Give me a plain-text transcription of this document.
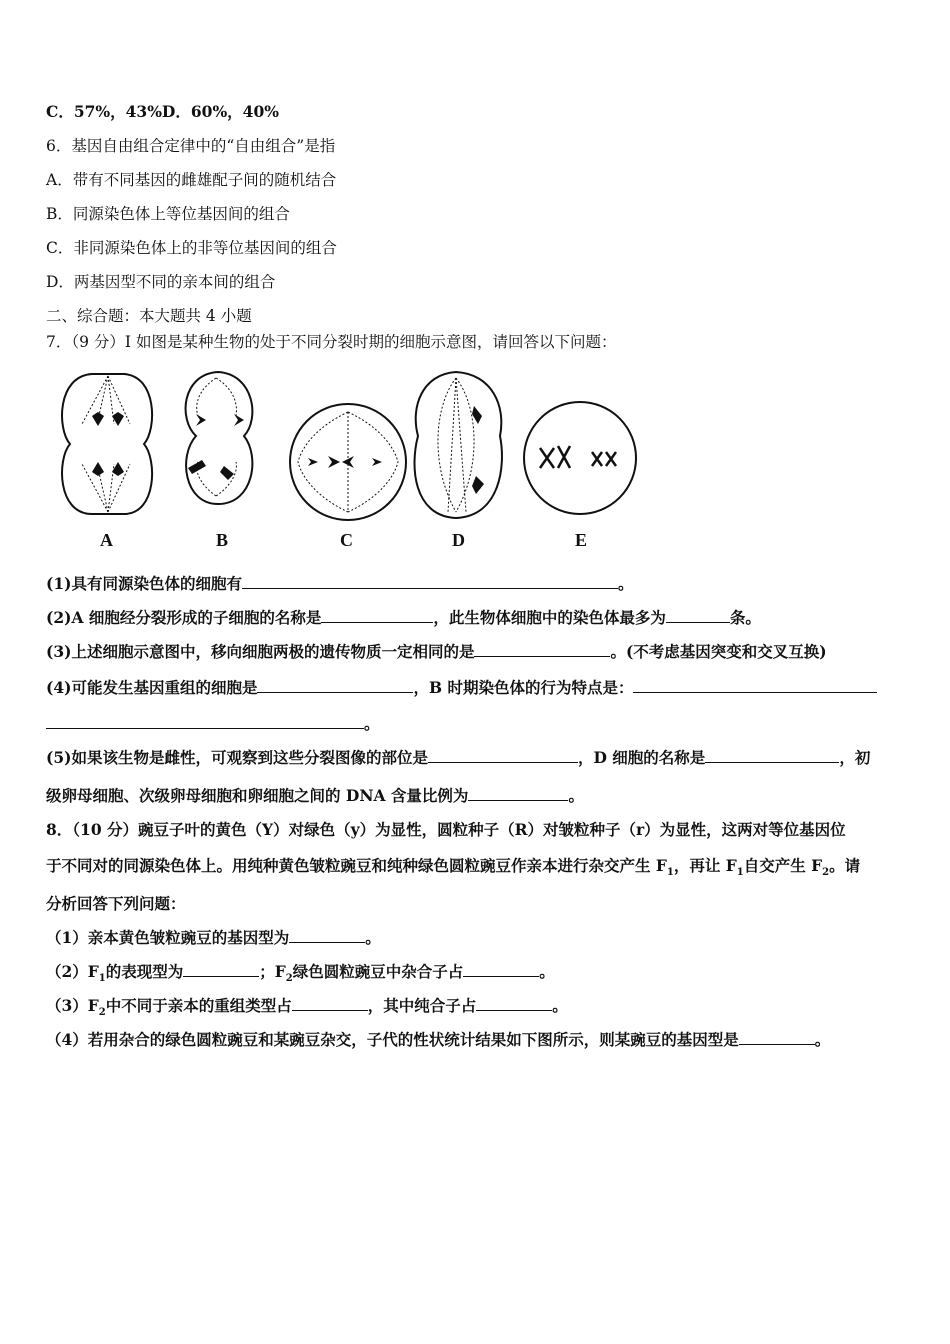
C．57%，43%D．60%，40%
6．基因自由组合定律中的“自由组合”是指
A．带有不同基因的雌雄配子间的随机结合
B．同源染色体上等位基因间的组合
C．非同源染色体上的非等位基因间的组合
D．两基因型不同的亲本间的组合
二、综合题：本大题共 4 小题
7．（9 分）I 如图是某种生物的处于不同分裂时期的细胞示意图，请回答以下问题：
A	B	C	D	E
(1)具有同源染色体的细胞有	。
(2)A 细胞经分裂形成的子细胞的名称是	，此生物体细胞中的染色体最多为	条。
(3)上述细胞示意图中，移向细胞两极的遗传物质一定相同的是	。(不考虑基因突变和交叉互换)
(4)可能发生基因重组的细胞是	，B 时期染色体的行为特点是：
。
(5)如果该生物是雌性，可观察到这些分裂图像的部位是	，D 细胞的名称是	，初
级卵母细胞、次级卵母细胞和卵细胞之间的 DNA 含量比例为	。
8．（10 分）豌豆子叶的黄色（Y）对绿色（y）为显性，圆粒种子（R）对皱粒种子（r）为显性，这两对等位基因位
于不同对的同源染色体上。用纯种黄色皱粒豌豆和纯种绿色圆粒豌豆作亲本进行杂交产生 $F_1$，再让 $F_1$自交产生 $F_2$。请
分析回答下列问题：
（1）亲本黄色皱粒豌豆的基因型为	。
$(2)F_1$的表现型为	；$F_2$绿色圆粒豌豆中杂合子占	。
$(3)F_2$中不同于亲本的重组类型占	，其中纯合子占	。
（4）若用杂合的绿色圆粒豌豆和某豌豆杂交，子代的性状统计结果如下图所示，则某豌豆的基因型是	。
